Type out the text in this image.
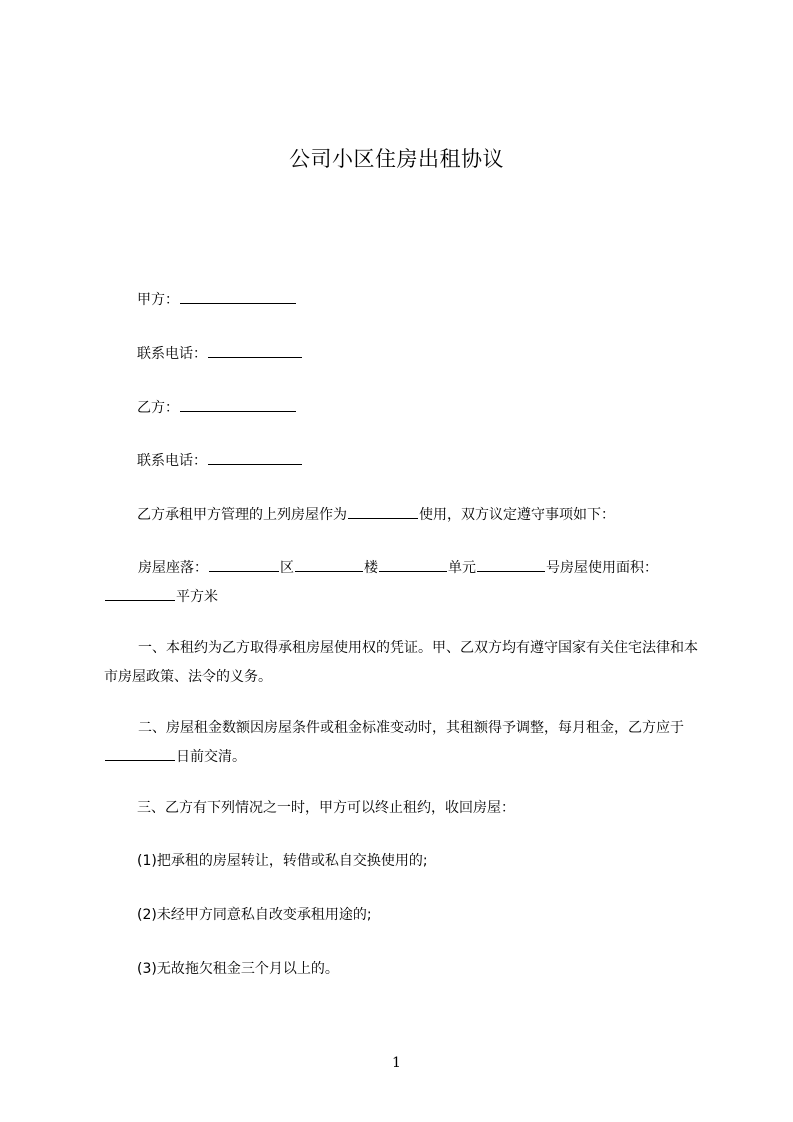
公司小区住房出租协议
甲方：
联系电话：
乙方：
联系电话：
乙方承租甲方管理的上列房屋作为	使用，双方议定遵守事项如下：
房屋座落：	区	楼	单元	号房屋使用面积：平方米
一、本租约为乙方取得承租房屋使用权的凭证。甲、乙双方均有遵守国家有关住宅法律和本市房屋政策、法令的义务。
二、房屋租金数额因房屋条件或租金标准变动时，其租额得予调整，每月租金，乙方应于日前交清。
三、乙方有下列情况之一时，甲方可以终止租约，收回房屋：
(1)把承租的房屋转让，转借或私自交换使用的;
(2)未经甲方同意私自改变承租用途的;
(3)无故拖欠租金三个月以上的。
1
